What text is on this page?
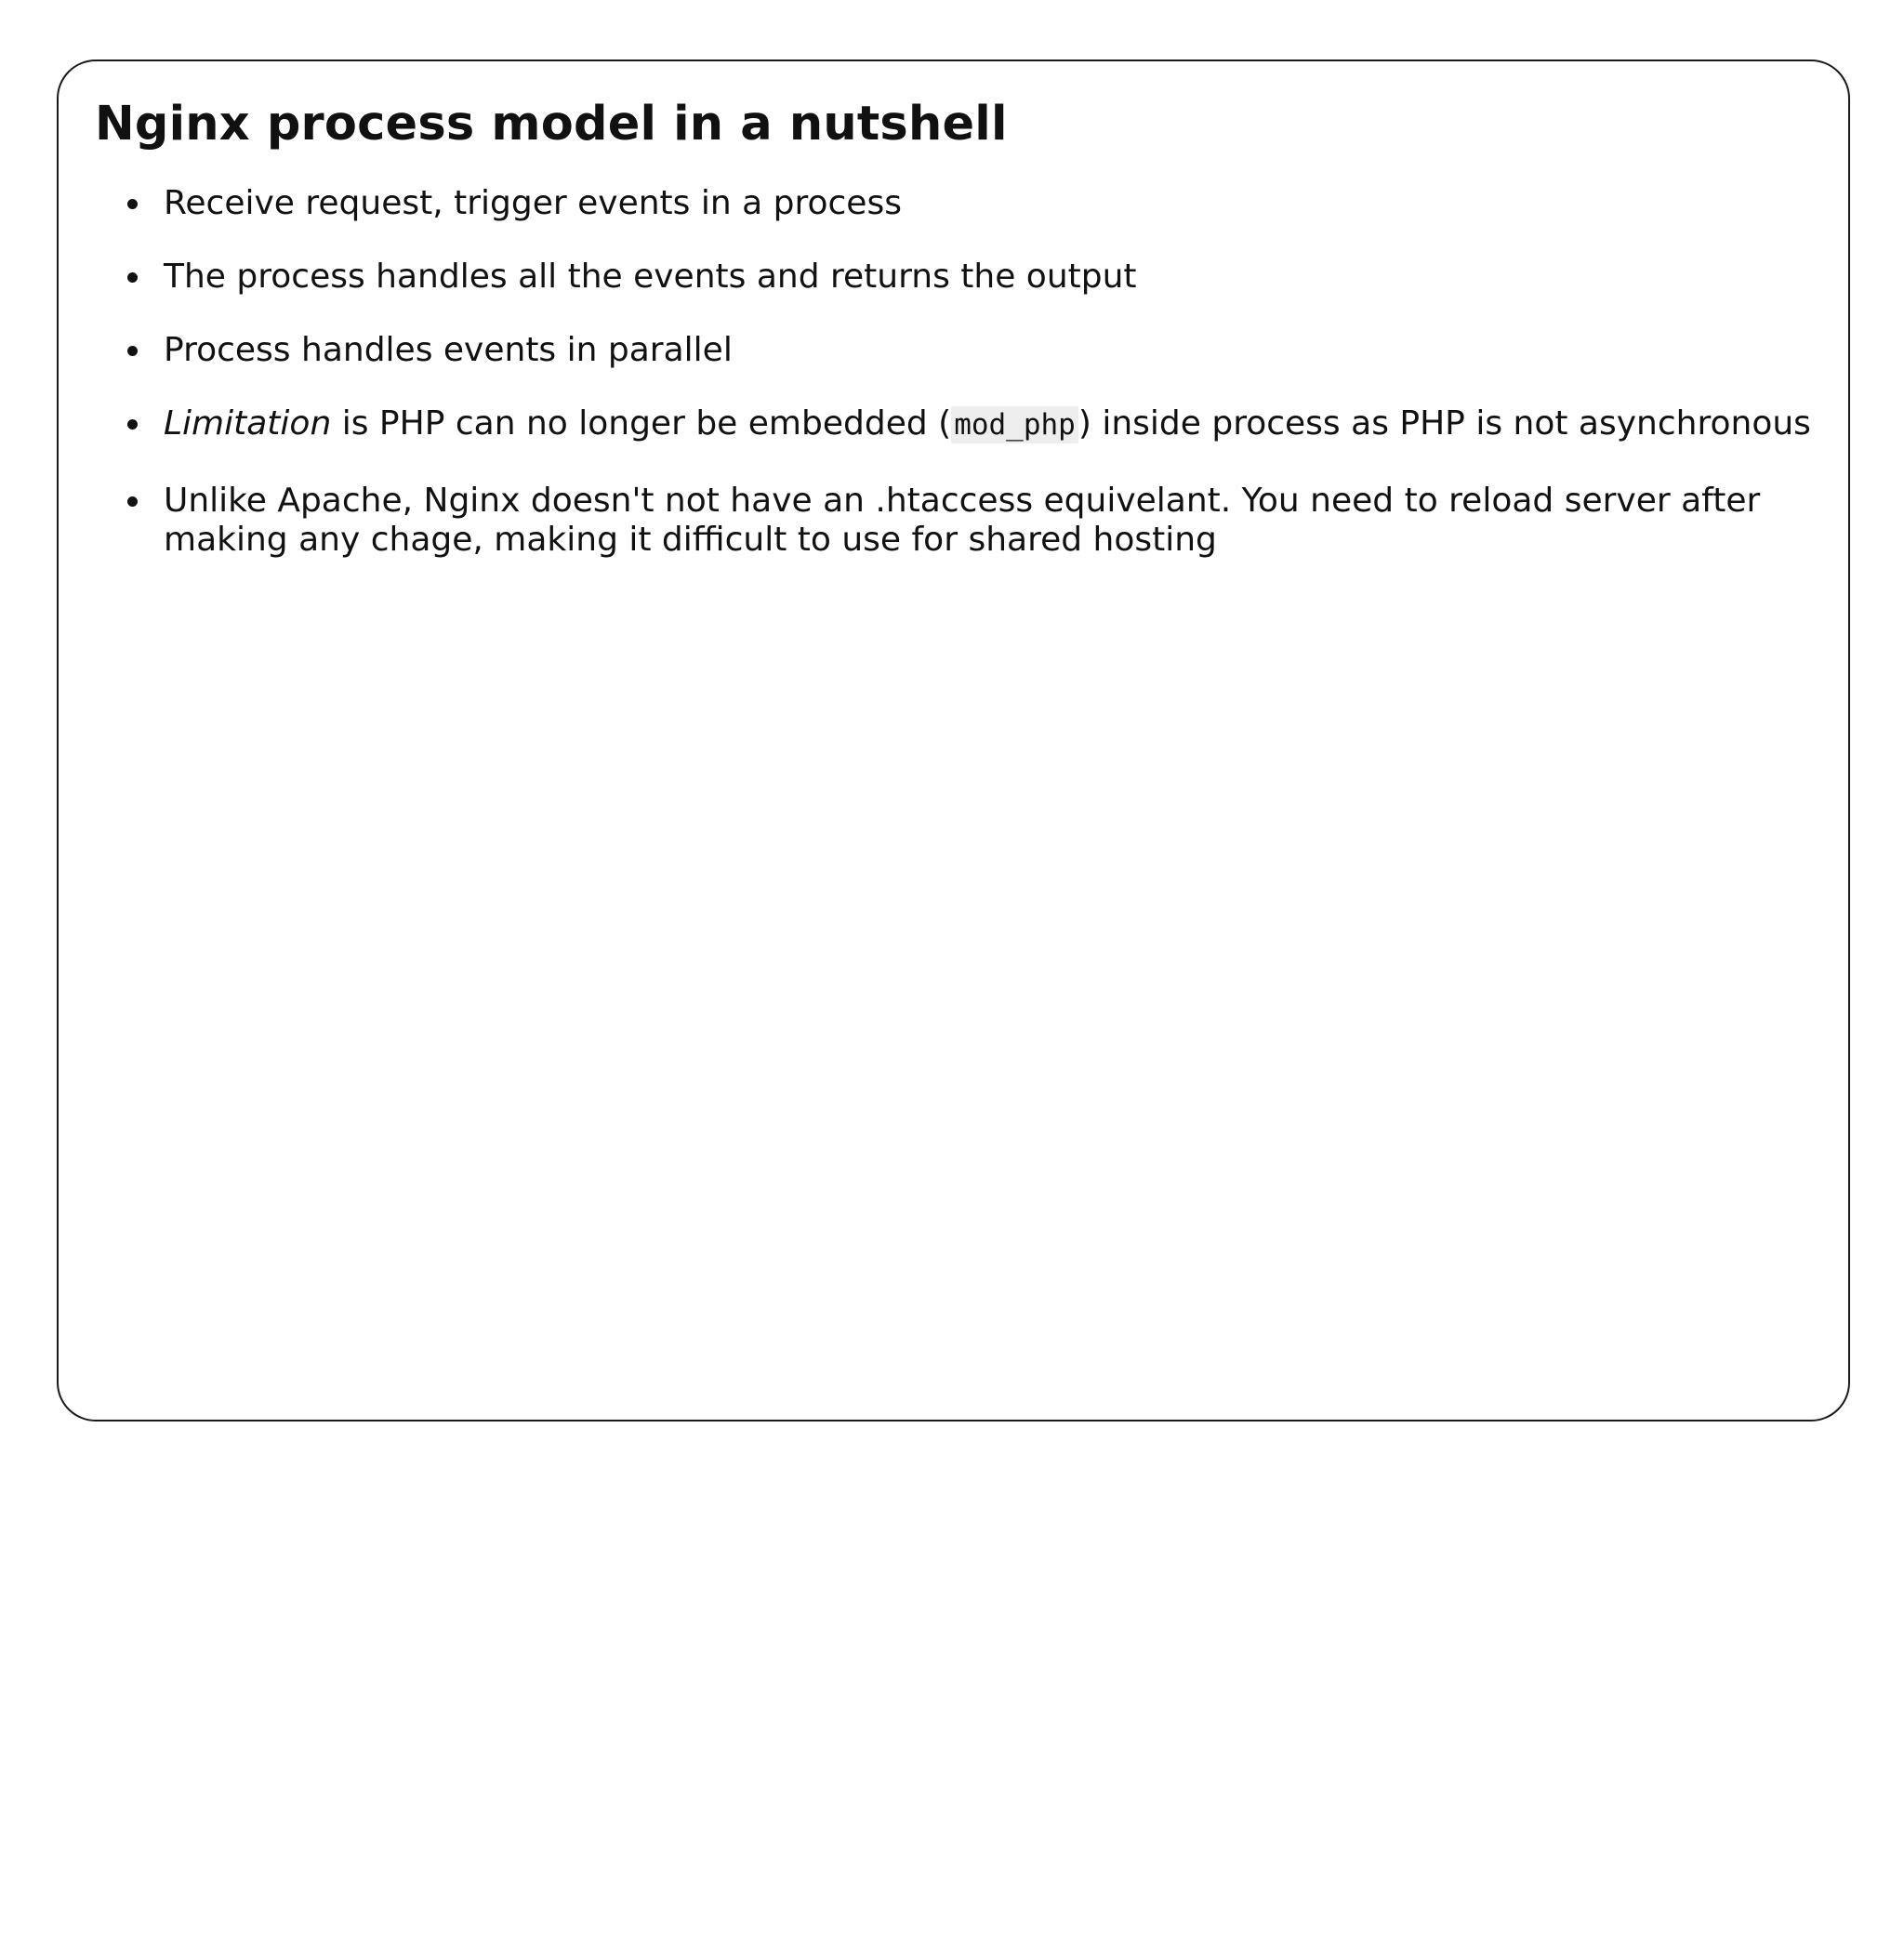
Nginx process model in a nutshell
Receive request, trigger events in a process
The process handles all the events and returns the output
Process handles events in parallel
Limitation is PHP can no longer be embedded (mod_php) inside process as PHP is not asynchronous
Unlike Apache, Nginx doesn't not have an .htaccess equivelant. You need to reload server after making any chage, making it difficult to use for shared hosting
